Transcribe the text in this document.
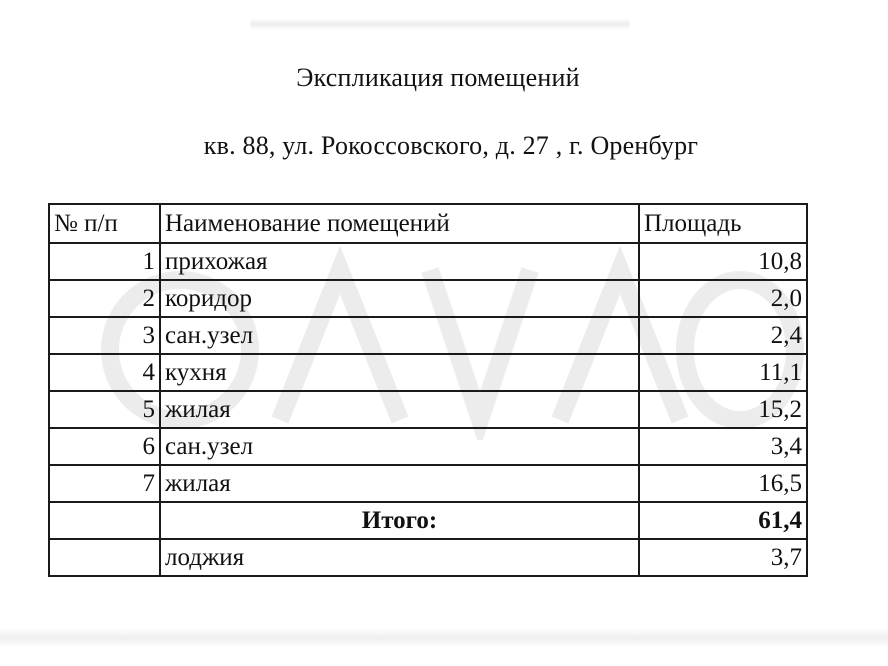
Экспликация помещений
кв. 88, ул. Рокоссовского, д. 27 , г. Оренбург
№ п/п	Наименование помещений	Площадь
1	прихожая	10,8
2	коридор	2,0
3	сан.узел	2,4
4	кухня	11,1
5	жилая	15,2
6	сан.узел	3,4
7	жилая	16,5
	Итого:	61,4
	лоджия	3,7
